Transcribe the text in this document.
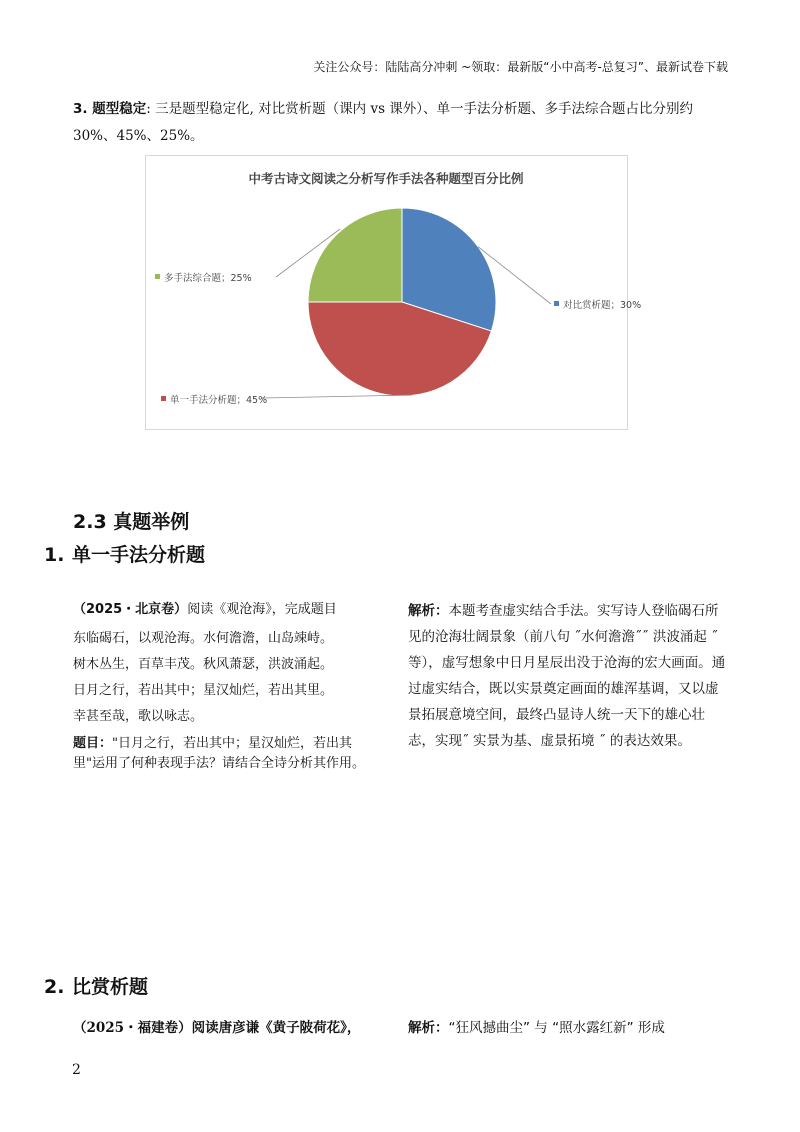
关注公众号：陆陆高分冲刺 ~领取：最新版“小中高考-总复习”、最新试卷下载
3. 题型稳定: 三是题型稳定化, 对比赏析题（课内 vs 课外）、单一手法分析题、多手法综合题占比分别约 30%、45%、25%。
中考古诗文阅读之分析写作手法各种题型百分比例
对比赏析题；30%
单一手法分析题；45%
多手法综合题；25%
2.3 真题举例
1. 单一手法分析题
（2025・北京卷）阅读《观沧海》，完成题目
东临碣石，以观沧海。水何澹澹，山岛竦峙。
树木丛生，百草丰茂。秋风萧瑟，洪波涌起。
日月之行，若出其中；星汉灿烂，若出其里。
幸甚至哉，歌以咏志。
题目："日月之行，若出其中；星汉灿烂，若出其里"运用了何种表现手法？请结合全诗分析其作用。
解析：本题考查虚实结合手法。实写诗人登临碣石所见的沧海壮阔景象（前八句 ˝水何澹澹˝˝ 洪波涌起 ˝等），虚写想象中日月星辰出没于沧海的宏大画面。通过虚实结合，既以实景奠定画面的雄浑基调，又以虚景拓展意境空间，最终凸显诗人统一天下的雄心壮志，实现˝ 实景为基、虚景拓境 ˝ 的表达效果。
2. 比赏析题
（2025・福建卷）阅读唐彦谦《黄子陂荷花》，	解析：“狂风撼曲尘” 与 “照水露红新” 形成
2
